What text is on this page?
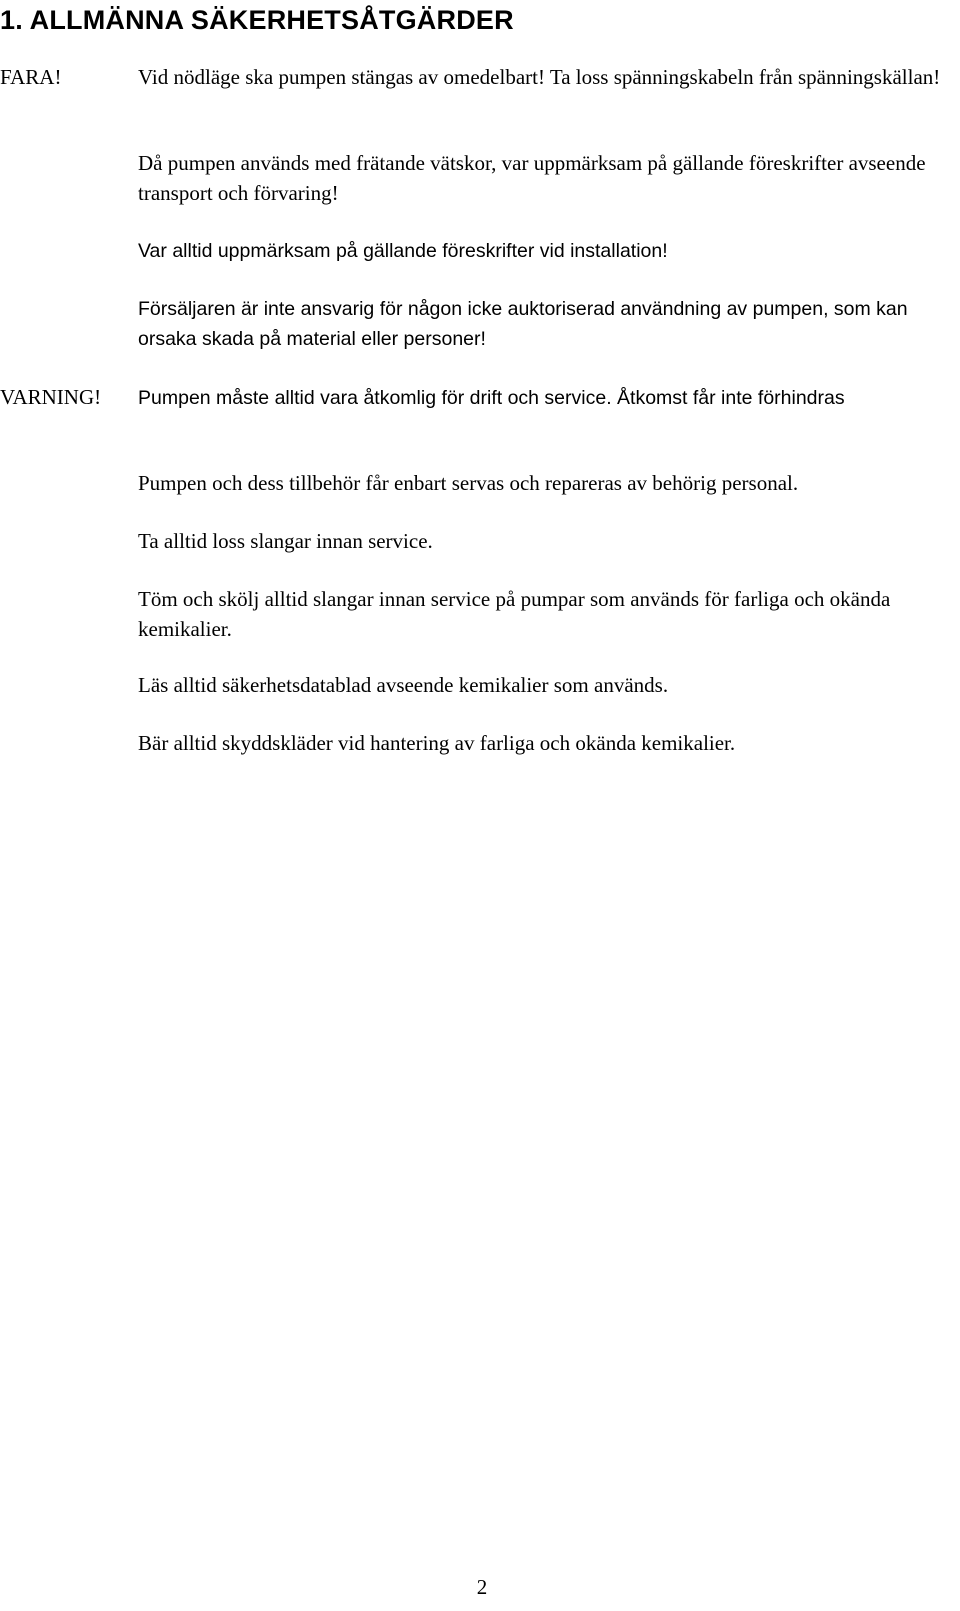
1. ALLMÄNNA SÄKERHETSÅTGÄRDER
FARA!	Vid nödläge ska pumpen stängas av omedelbart! Ta loss spänningskabeln från spänningskällan!

Då pumpen används med frätande vätskor, var uppmärksam på gällande föreskrifter avseende transport och förvaring!

Var alltid uppmärksam på gällande föreskrifter vid installation!

Försäljaren är inte ansvarig för någon icke auktoriserad användning av pumpen, som kan orsaka skada på material eller personer!

VARNING! Pumpen måste alltid vara åtkomlig för drift och service. Åtkomst får inte förhindras

Pumpen och dess tillbehör får enbart servas och repareras av behörig personal.

Ta alltid loss slangar innan service.

Töm och skölj alltid slangar innan service på pumpar som används för farliga och okända kemikalier.

Läs alltid säkerhetsdatablad avseende kemikalier som används.

Bär alltid skyddskläder vid hantering av farliga och okända kemikalier.

2
